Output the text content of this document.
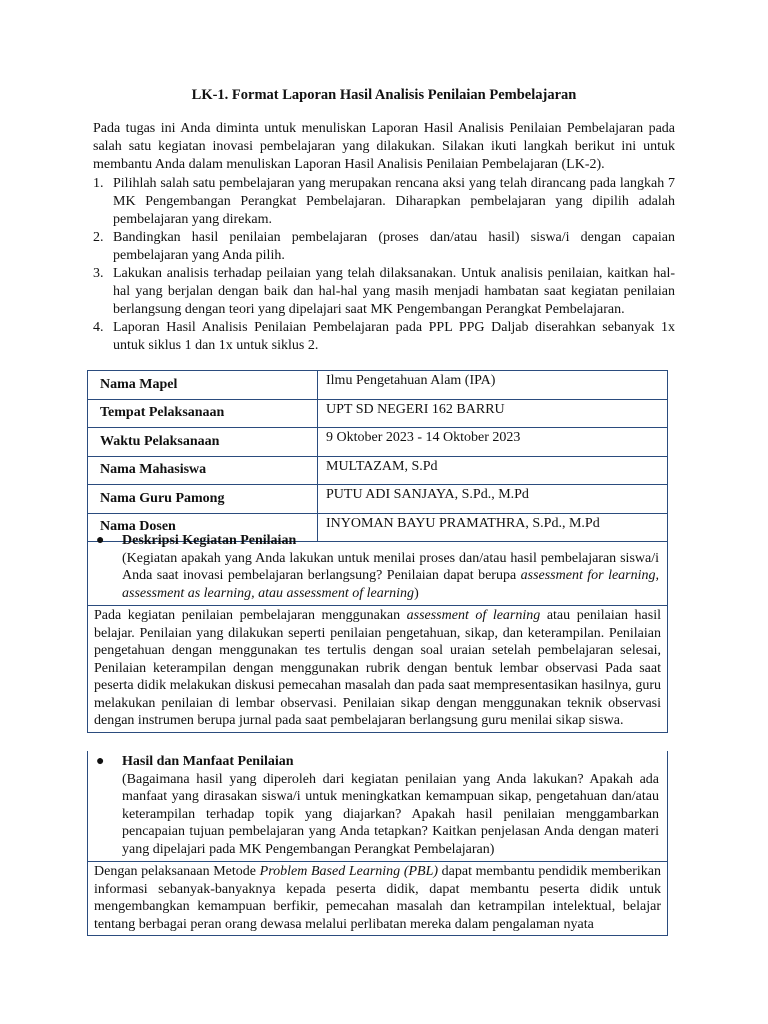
LK-1. Format Laporan Hasil Analisis Penilaian Pembelajaran

Pada tugas ini Anda diminta untuk menuliskan Laporan Hasil Analisis Penilaian Pembelajaran pada salah satu kegiatan inovasi pembelajaran yang dilakukan. Silakan ikuti langkah berikut ini untuk membantu Anda dalam menuliskan Laporan Hasil Analisis Penilaian Pembelajaran (LK-2).

1. Pilihlah salah satu pembelajaran yang merupakan rencana aksi yang telah dirancang pada langkah 7 MK Pengembangan Perangkat Pembelajaran. Diharapkan pembelajaran yang dipilih adalah pembelajaran yang direkam.
2. Bandingkan hasil penilaian pembelajaran (proses dan/atau hasil) siswa/i dengan capaian pembelajaran yang Anda pilih.
3. Lakukan analisis terhadap peilaian yang telah dilaksanakan. Untuk analisis penilaian, kaitkan hal-hal yang berjalan dengan baik dan hal-hal yang masih menjadi hambatan saat kegiatan penilaian berlangsung dengan teori yang dipelajari saat MK Pengembangan Perangkat Pembelajaran.
4. Laporan Hasil Analisis Penilaian Pembelajaran pada PPL PPG Daljab diserahkan sebanyak 1x untuk siklus 1 dan 1x untuk siklus 2.
Nama Mapel	Ilmu Pengetahuan Alam (IPA)
Tempat Pelaksanaan	UPT SD NEGERI 162 BARRU
Waktu Pelaksanaan	9 Oktober 2023 - 14 Oktober 2023
Nama Mahasiswa	MULTAZAM, S.Pd
Nama Guru Pamong	PUTU ADI SANJAYA, S.Pd., M.Pd
Nama Dosen	INYOMAN BAYU PRAMATHRA, S.Pd., M.Pd
● Deskripsi Kegiatan Penilaian
(Kegiatan apakah yang Anda lakukan untuk menilai proses dan/atau hasil pembelajaran siswa/i Anda saat inovasi pembelajaran berlangsung? Penilaian dapat berupa assessment for learning, assessment as learning, atau assessment of learning)
Pada kegiatan penilaian pembelajaran menggunakan assessment of learning atau penilaian hasil belajar. Penilaian yang dilakukan seperti penilaian pengetahuan, sikap, dan keterampilan. Penilaian pengetahuan dengan menggunakan tes tertulis dengan soal uraian setelah pembelajaran selesai, Penilaian keterampilan dengan menggunakan rubrik dengan bentuk lembar observasi Pada saat peserta didik melakukan diskusi pemecahan masalah dan pada saat mempresentasikan hasilnya, guru melakukan penilaian di lembar observasi. Penilaian sikap dengan menggunakan teknik observasi dengan instrumen berupa jurnal pada saat pembelajaran berlangsung guru menilai sikap siswa.
● Hasil dan Manfaat Penilaian
(Bagaimana hasil yang diperoleh dari kegiatan penilaian yang Anda lakukan? Apakah ada manfaat yang dirasakan siswa/i untuk meningkatkan kemampuan sikap, pengetahuan dan/atau keterampilan terhadap topik yang diajarkan? Apakah hasil penilaian menggambarkan pencapaian tujuan pembelajaran yang Anda tetapkan? Kaitkan penjelasan Anda dengan materi yang dipelajari pada MK Pengembangan Perangkat Pembelajaran)
Dengan pelaksanaan Metode Problem Based Learning (PBL) dapat membantu pendidik memberikan informasi sebanyak-banyaknya kepada peserta didik, dapat membantu peserta didik untuk mengembangkan kemampuan berfikir, pemecahan masalah dan ketrampilan intelektual, belajar tentang berbagai peran orang dewasa melalui perlibatan mereka dalam pengalaman nyata
